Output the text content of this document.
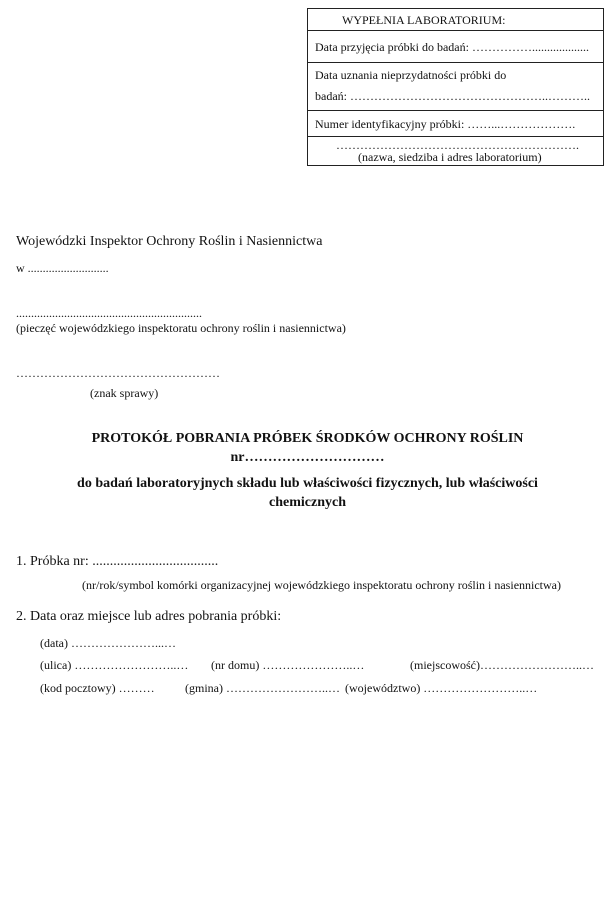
WYPEŁNIA LABORATORIUM:
Data przyjęcia próbki do badań: ……………...................
Data uznania nieprzydatności próbki do
badań: …………………………………………..………..
Numer identyfikacyjny próbki: ……...……………….
…………………………………………………….
(nazwa, siedziba i adres laboratorium)
Wojewódzki Inspektor Ochrony Roślin i Nasiennictwa
w ...........................
..............................................................
(pieczęć wojewódzkiego inspektoratu ochrony roślin i nasiennictwa)
……………………………………………
(znak sprawy)
PROTOKÓŁ POBRANIA PRÓBEK ŚRODKÓW OCHRONY ROŚLIN
nr…………………………
do badań laboratoryjnych składu lub właściwości fizycznych, lub właściwości
chemicznych
1. Próbka nr: ....................................
(nr/rok/symbol komórki organizacyjnej wojewódzkiego inspektoratu ochrony roślin i nasiennictwa)
2. Data oraz miejsce lub adres pobrania próbki:
(data) …………………...…
(ulica) ……………………..… (nr domu) …………………..…	(miejscowość)……………………..…
(kod pocztowy) ………	(gmina) ……………………..… (województwo) ……………………..…
